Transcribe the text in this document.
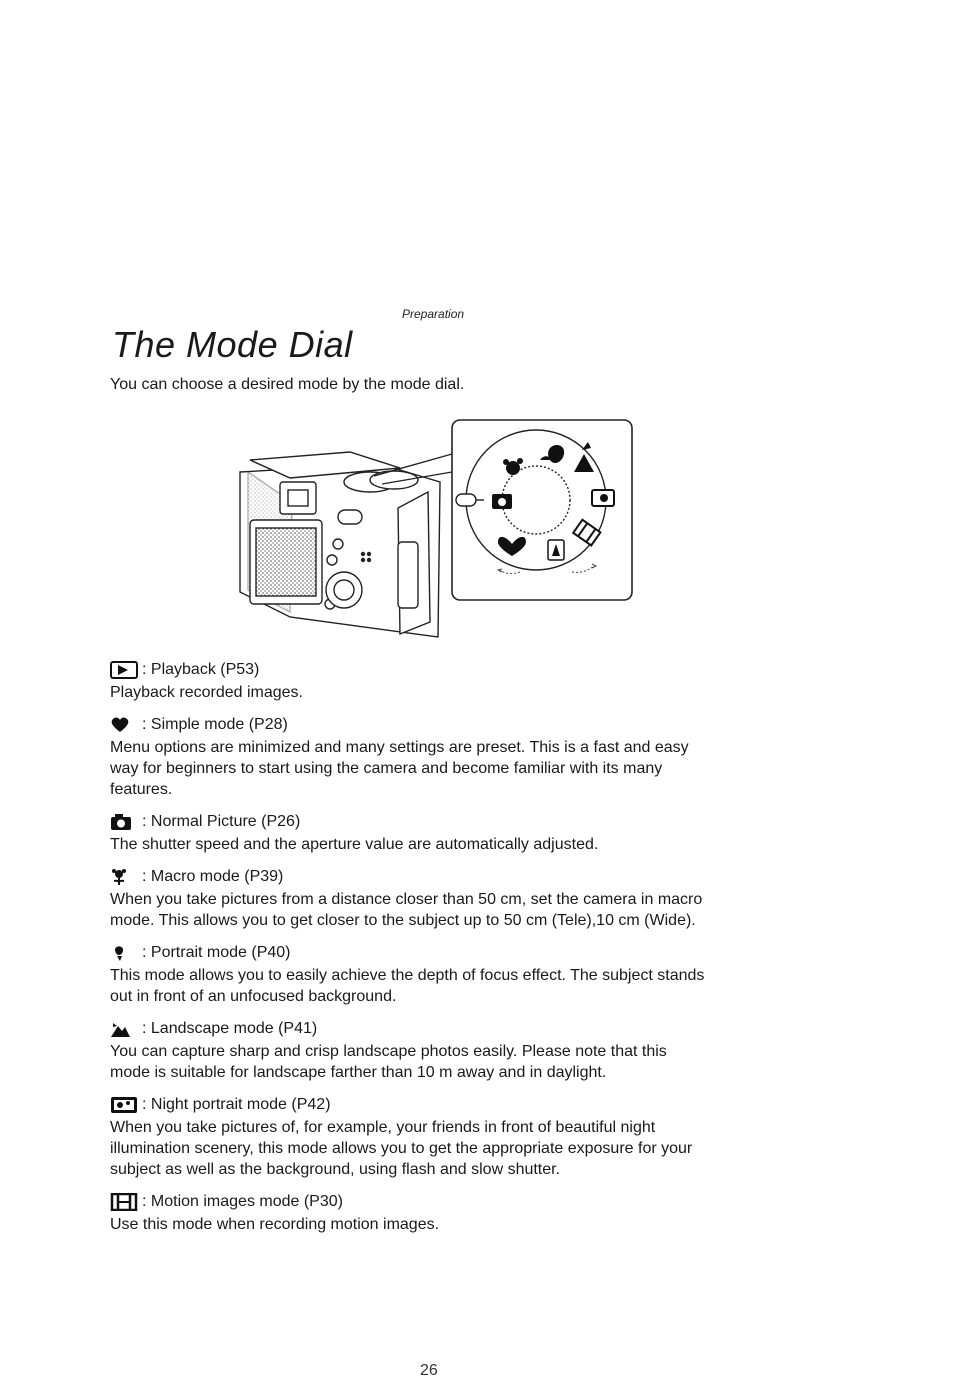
Preparation
The Mode Dial

You can choose a desired mode by the mode dial.

: Playback (P53)

Playback recorded images.

: Simple mode (P28)

Menu options are minimized and many settings are preset. This is a fast and easy
way for beginners to start using the camera and become familiar with its many
features.

: Normal Picture (P26)

The shutter speed and the aperture value are automatically adjusted.

: Macro mode (P39)

When you take pictures from a distance closer than 50 cm, set the camera in macro
mode. This allows you to get closer to the subject up to 50 cm (Tele),10 cm (Wide).

: Portrait mode (P40)

This mode allows you to easily achieve the depth of focus effect. The subject stands
out in front of an unfocused background.

: Landscape mode (P41)

You can capture sharp and crisp landscape photos easily. Please note that this
mode is suitable for landscape farther than 10 m away and in daylight.

: Night portrait mode (P42)

When you take pictures of, for example, your friends in front of beautiful night
illumination scenery, this mode allows you to get the appropriate exposure for your
subject as well as the background, using flash and slow shutter.

: Motion images mode (P30)

Use this mode when recording motion images.

26
